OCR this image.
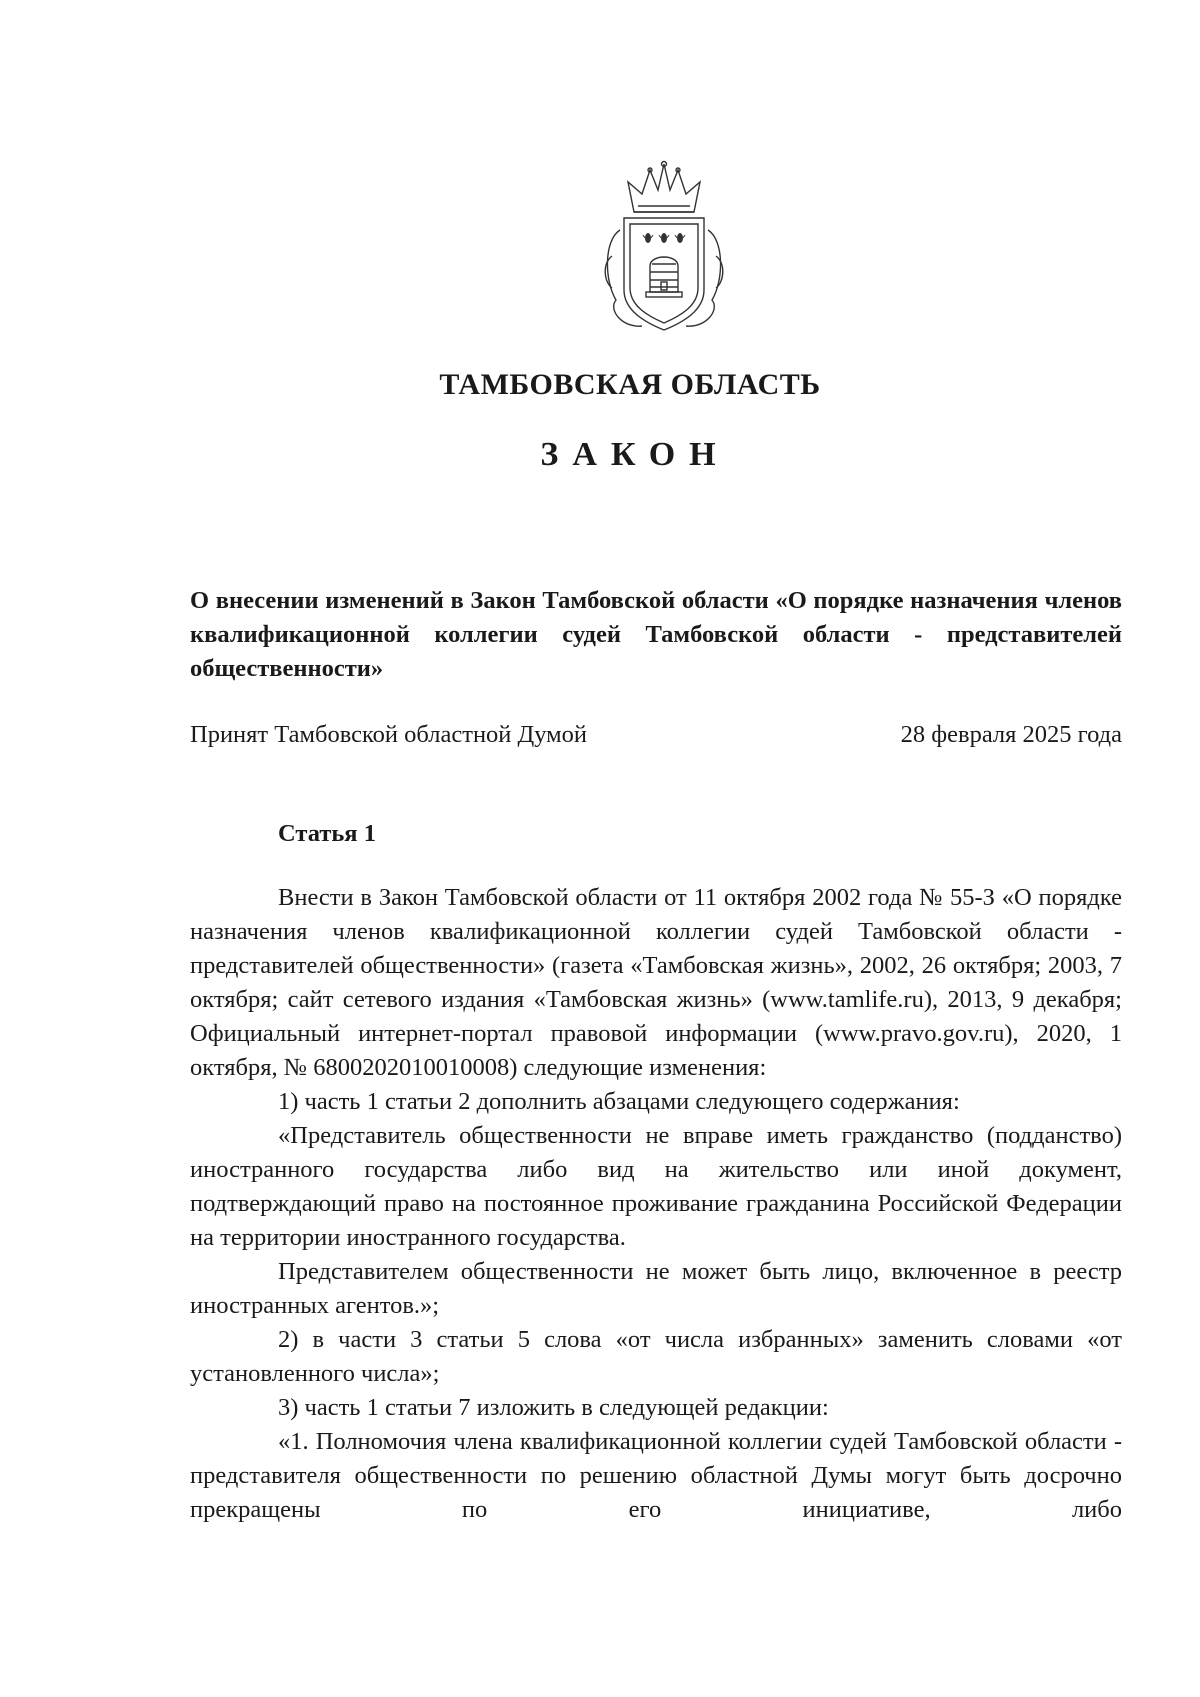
ТАМБОВСКАЯ ОБЛАСТЬ
ЗАКОН
О внесении изменений в Закон Тамбовской области «О порядке назначения членов квалификационной коллегии судей Тамбовской области - представителей общественности»
Принят Тамбовской областной Думой	28 февраля 2025 года
Статья 1

Внести в Закон Тамбовской области от 11 октября 2002 года № 55-З «О порядке назначения членов квалификационной коллегии судей Тамбовской области - представителей общественности» (газета «Тамбовская жизнь», 2002, 26 октября; 2003, 7 октября; сайт сетевого издания «Тамбовская жизнь» (www.tamlife.ru), 2013, 9 декабря; Официальный интернет-портал правовой информации (www.pravo.gov.ru), 2020, 1 октября, № 6800202010010008) следующие изменения:

1) часть 1 статьи 2 дополнить абзацами следующего содержания:

«Представитель общественности не вправе иметь гражданство (подданство) иностранного государства либо вид на жительство или иной документ, подтверждающий право на постоянное проживание гражданина Российской Федерации на территории иностранного государства.

Представителем общественности не может быть лицо, включенное в реестр иностранных агентов.»;

2) в части 3 статьи 5 слова «от числа избранных» заменить словами «от установленного числа»;

3) часть 1 статьи 7 изложить в следующей редакции:

«1. Полномочия члена квалификационной коллегии судей Тамбовской области - представителя общественности по решению областной Думы могут быть досрочно прекращены по его инициативе, либо
